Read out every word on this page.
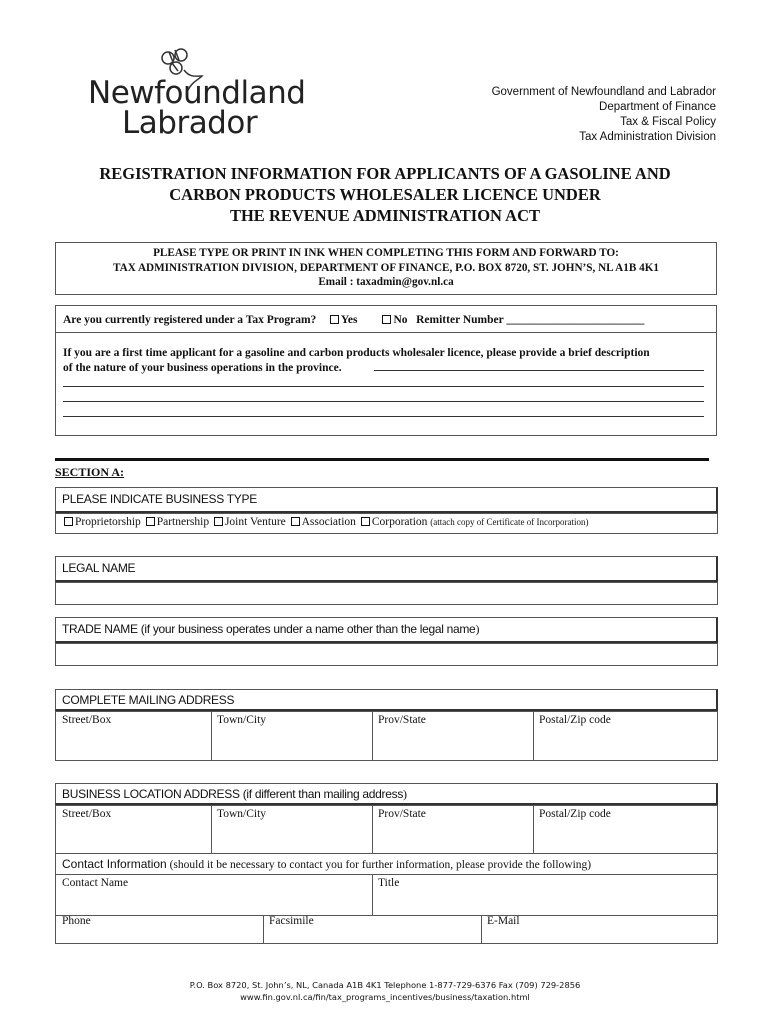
Newfoundland
Labrador
Government of Newfoundland and Labrador
Department of Finance
Tax & Fiscal Policy
Tax Administration Division
REGISTRATION INFORMATION FOR APPLICANTS OF A GASOLINE AND
CARBON PRODUCTS WHOLESALER LICENCE UNDER
THE REVENUE ADMINISTRATION ACT
PLEASE TYPE OR PRINT IN INK WHEN COMPLETING THIS FORM AND FORWARD TO:
TAX ADMINISTRATION DIVISION, DEPARTMENT OF FINANCE, P.O. BOX 8720, ST. JOHN’S, NL A1B 4K1
Email : taxadmin@gov.nl.ca
Are you currently registered under a Tax Program? Yes	No Remitter Number ________________________
If you are a first time applicant for a gasoline and carbon products wholesaler licence, please provide a brief description
of the nature of your business operations in the province.
SECTION A:
PLEASE INDICATE BUSINESS TYPE
Proprietorship Partnership Joint Venture Association Corporation (attach copy of Certificate of Incorporation)
LEGAL NAME
TRADE NAME (if your business operates under a name other than the legal name)
COMPLETE MAILING ADDRESS
Street/Box	Town/City	Prov/State	Postal/Zip code
BUSINESS LOCATION ADDRESS (if different than mailing address)
Street/Box	Town/City	Prov/State	Postal/Zip code
Contact Information (should it be necessary to contact you for further information, please provide the following)
Contact Name	Title
Phone	Facsimile	E-Mail
P.O. Box 8720, St. John’s, NL, Canada A1B 4K1 Telephone 1-877-729-6376 Fax (709) 729-2856
www.fin.gov.nl.ca/fin/tax_programs_incentives/business/taxation.html
